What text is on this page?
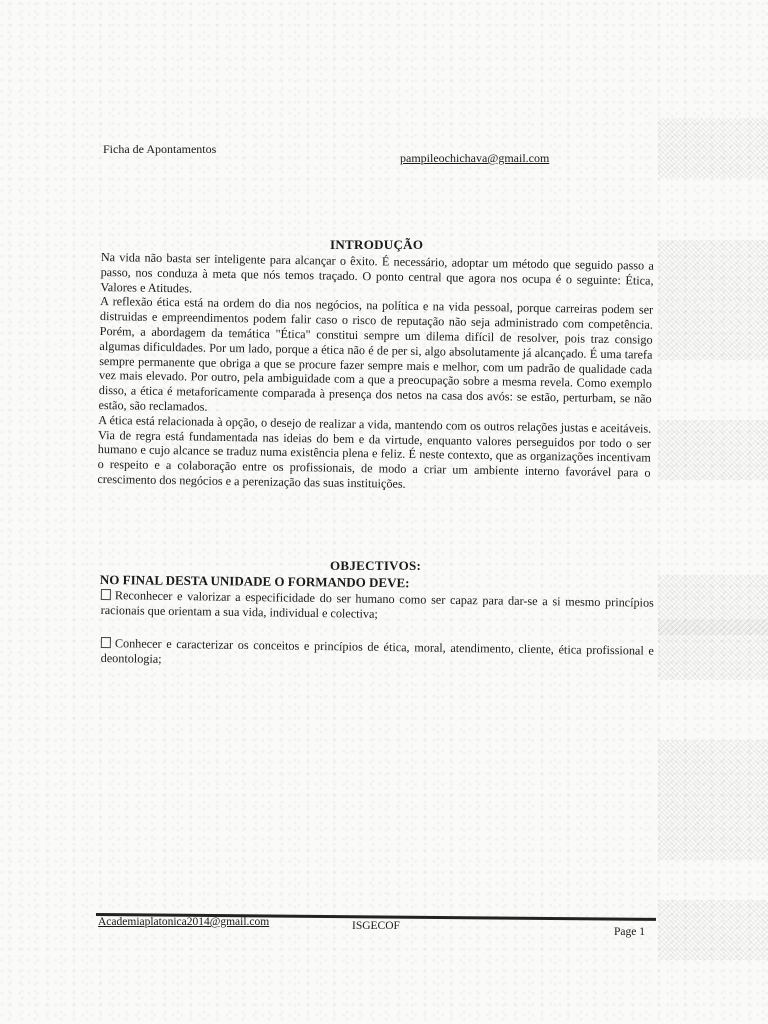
Ficha de Apontamentos
pampileochichava@gmail.com
INTRODUÇÃO

Na vida não basta ser inteligente para alcançar o êxito. É necessário, adoptar um método que seguido passo a passo, nos conduza à meta que nós temos traçado. O ponto central que agora nos ocupa é o seguinte: Ética, Valores e Atitudes.

A reflexão ética está na ordem do dia nos negócios, na política e na vida pessoal, porque carreiras podem ser distruidas e empreendimentos podem falir caso o risco de reputação não seja administrado com competência. Porém, a abordagem da temática "Ética" constitui sempre um dilema difícil de resolver, pois traz consigo algumas dificuldades. Por um lado, porque a ética não é de per si, algo absolutamente já alcançado. É uma tarefa sempre permanente que obriga a que se procure fazer sempre mais e melhor, com um padrão de qualidade cada vez mais elevado. Por outro, pela ambiguidade com a que a preocupação sobre a mesma revela. Como exemplo disso, a ética é metaforicamente comparada à presença dos netos na casa dos avós: se estão, perturbam, se não estão, são reclamados.

A ética está relacionada à opção, o desejo de realizar a vida, mantendo com os outros relações justas e aceitáveis. Via de regra está fundamentada nas ideias do bem e da virtude, enquanto valores perseguidos por todo o ser humano e cujo alcance se traduz numa existência plena e feliz. É neste contexto, que as organizações incentivam o respeito e a colaboração entre os profissionais, de modo a criar um ambiente interno favorável para o crescimento dos negócios e a perenização das suas instituições.

OBJECTIVOS:
NO FINAL DESTA UNIDADE O FORMANDO DEVE:
Reconhecer e valorizar a especificidade do ser humano como ser capaz para dar-se a si mesmo princípios racionais que orientam a sua vida, individual e colectiva;
Conhecer e caracterizar os conceitos e princípios de ética, moral, atendimento, cliente, ética profissional e deontologia;
Academiaplatonica2014@gmail.com	ISGECOF	Page 1
